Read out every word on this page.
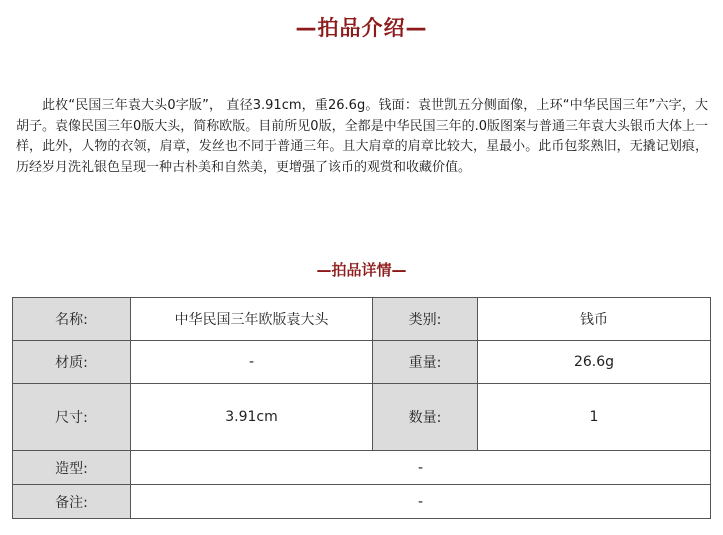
—拍品介绍—

此枚“民国三年袁大头0字版”， 直径3.91cm，重26.6g。钱面：袁世凯五分侧面像，上环“中华民国三年”六字，大胡子。袁像民国三年0版大头，简称欧版。目前所见0版，全都是中华民国三年的.0版图案与普通三年袁大头银币大体上一样，此外，人物的衣领，肩章，发丝也不同于普通三年。且大肩章的肩章比较大，星最小。此币包浆熟旧，无撬记划痕，历经岁月洗礼银色呈现一种古朴美和自然美，更增强了该币的观赏和收藏价值。

—拍品详情—
名称:	中华民国三年欧版袁大头	类别:	钱币
材质:	-	重量:	26.6g
尺寸:	3.91cm	数量:	1
造型:	-		
备注:	-		
